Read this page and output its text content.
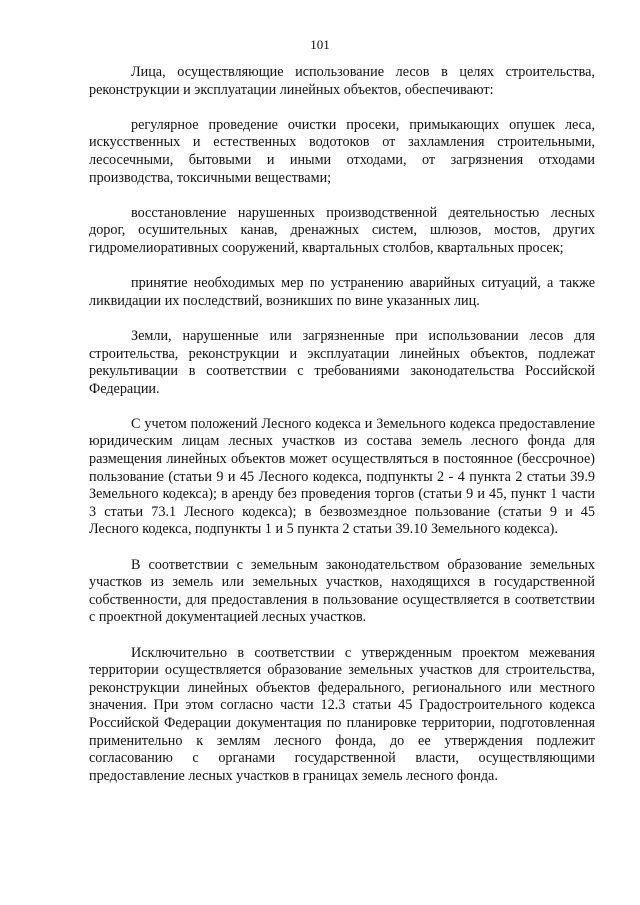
101

Лица, осуществляющие использование лесов в целях строительства, реконструкции и эксплуатации линейных объектов, обеспечивают:

регулярное проведение очистки просеки, примыкающих опушек леса, искусственных и естественных водотоков от захламления строительными, лесосечными, бытовыми и иными отходами, от загрязнения отходами производства, токсичными веществами;

восстановление нарушенных производственной деятельностью лесных дорог, осушительных канав, дренажных систем, шлюзов, мостов, других гидромелиоративных сооружений, квартальных столбов, квартальных просек;

принятие необходимых мер по устранению аварийных ситуаций, а также ликвидации их последствий, возникших по вине указанных лиц.

Земли, нарушенные или загрязненные при использовании лесов для строительства, реконструкции и эксплуатации линейных объектов, подлежат рекультивации в соответствии с требованиями законодательства Российской Федерации.

С учетом положений Лесного кодекса и Земельного кодекса предоставление юридическим лицам лесных участков из состава земель лесного фонда для размещения линейных объектов может осуществляться в постоянное (бессрочное) пользование (статьи 9 и 45 Лесного кодекса, подпункты 2 - 4 пункта 2 статьи 39.9 Земельного кодекса); в аренду без проведения торгов (статьи 9 и 45, пункт 1 части 3 статьи 73.1 Лесного кодекса); в безвозмездное пользование (статьи 9 и 45 Лесного кодекса, подпункты 1 и 5 пункта 2 статьи 39.10 Земельного кодекса).

В соответствии с земельным законодательством образование земельных участков из земель или земельных участков, находящихся в государственной собственности, для предоставления в пользование осуществляется в соответствии с проектной документацией лесных участков.

Исключительно в соответствии с утвержденным проектом межевания территории осуществляется образование земельных участков для строительства, реконструкции линейных объектов федерального, регионального или местного значения. При этом согласно части 12.3 статьи 45 Градостроительного кодекса Российской Федерации документация по планировке территории, подготовленная применительно к землям лесного фонда, до ее утверждения подлежит согласованию с органами государственной власти, осуществляющими предоставление лесных участков в границах земель лесного фонда.
